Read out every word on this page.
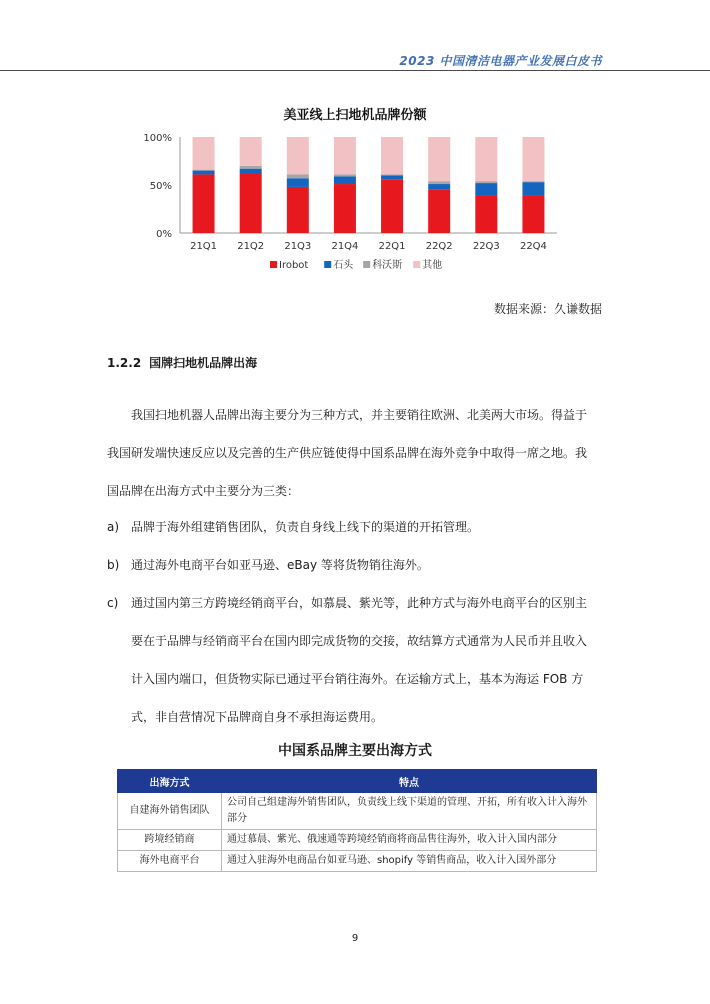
2023 中国清洁电器产业发展白皮书
美亚线上扫地机品牌份额
100%
50%
0%
21Q1 21Q2 21Q3 21Q4 22Q1 22Q2 22Q3 22Q4
Irobot 石头 科沃斯 其他
数据来源：久谦数据
1.2.2 国牌扫地机品牌出海
我国扫地机器人品牌出海主要分为三种方式，并主要销往欧洲、北美两大市场。得益于
我国研发端快速反应以及完善的生产供应链使得中国系品牌在海外竞争中取得一席之地。我
国品牌在出海方式中主要分为三类：
a) 品牌于海外组建销售团队，负责自身线上线下的渠道的开拓管理。
b) 通过海外电商平台如亚马逊、eBay 等将货物销往海外。
c)	通过国内第三方跨境经销商平台，如慕晨、紫光等，此种方式与海外电商平台的区别主
要在于品牌与经销商平台在国内即完成货物的交接，故结算方式通常为人民币并且收入
计入国内端口，但货物实际已通过平台销往海外。在运输方式上，基本为海运 FOB 方
式，非自营情况下品牌商自身不承担海运费用。
中国系品牌主要出海方式
出海方式	特点
自建海外销售团队	公司自己组建海外销售团队，负责线上线下渠道的管理、开拓，所有收入计入海外部分
跨境经销商	通过慕晨、紫光、俄速通等跨境经销商将商品售往海外，收入计入国内部分
海外电商平台	通过入驻海外电商品台如亚马逊、shopify 等销售商品，收入计入国外部分
9
